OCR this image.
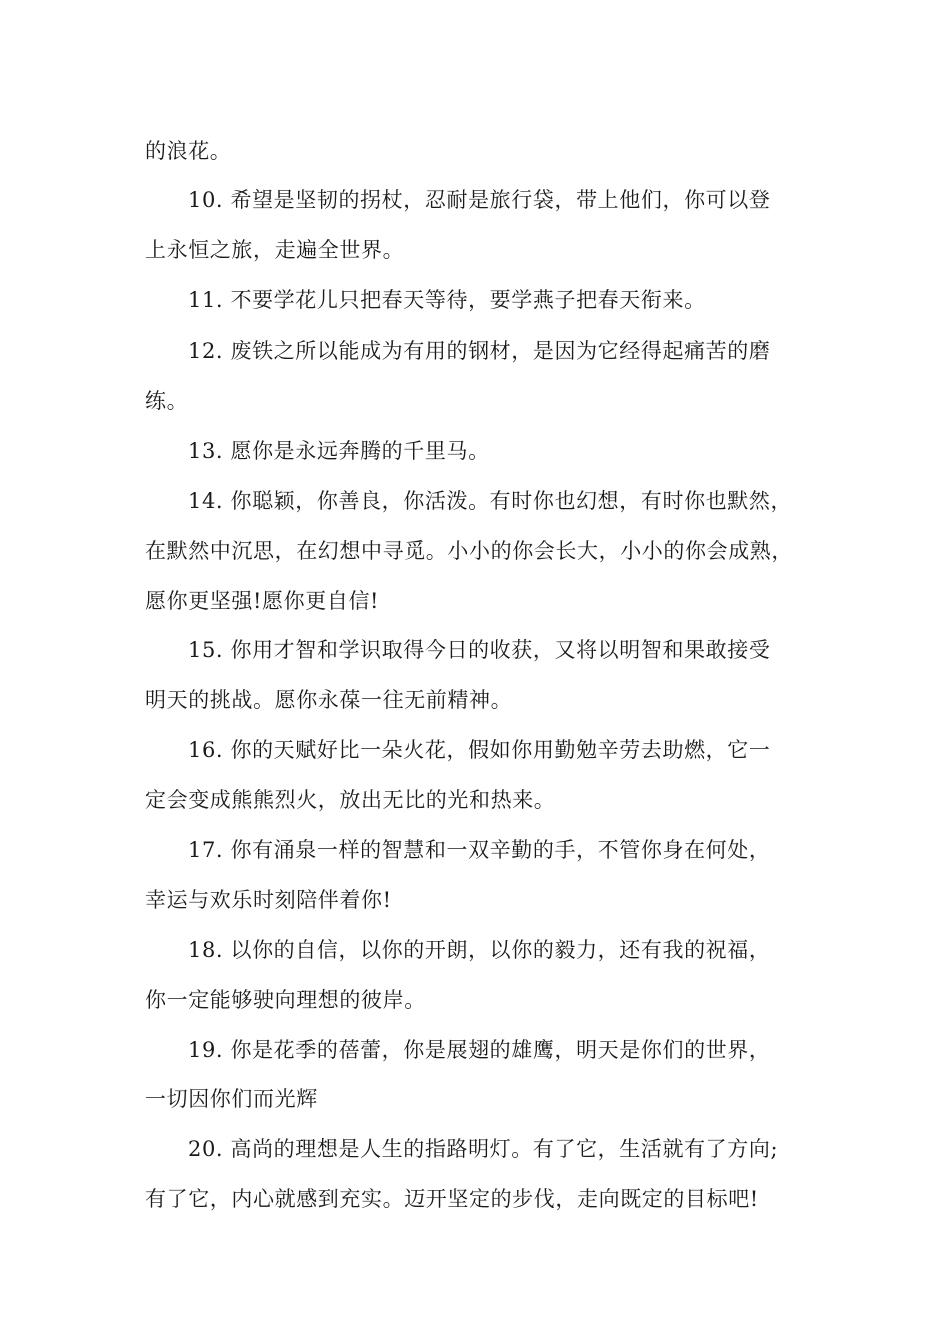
的浪花。
10. 希望是坚韧的拐杖，忍耐是旅行袋，带上他们，你可以登
上永恒之旅，走遍全世界。
11. 不要学花儿只把春天等待，要学燕子把春天衔来。
12. 废铁之所以能成为有用的钢材，是因为它经得起痛苦的磨
练。
13. 愿你是永远奔腾的千里马。
14. 你聪颖，你善良，你活泼。有时你也幻想，有时你也默然，
在默然中沉思，在幻想中寻觅。小小的你会长大，小小的你会成熟，
愿你更坚强!愿你更自信!
15. 你用才智和学识取得今日的收获，又将以明智和果敢接受
明天的挑战。愿你永葆一往无前精神。
16. 你的天赋好比一朵火花，假如你用勤勉辛劳去助燃，它一
定会变成熊熊烈火，放出无比的光和热来。
17. 你有涌泉一样的智慧和一双辛勤的手，不管你身在何处，
幸运与欢乐时刻陪伴着你!
18. 以你的自信，以你的开朗，以你的毅力，还有我的祝福，
你一定能够驶向理想的彼岸。
19. 你是花季的蓓蕾，你是展翅的雄鹰，明天是你们的世界，
一切因你们而光辉
20. 高尚的理想是人生的指路明灯。有了它，生活就有了方向;
有了它，内心就感到充实。迈开坚定的步伐，走向既定的目标吧!
